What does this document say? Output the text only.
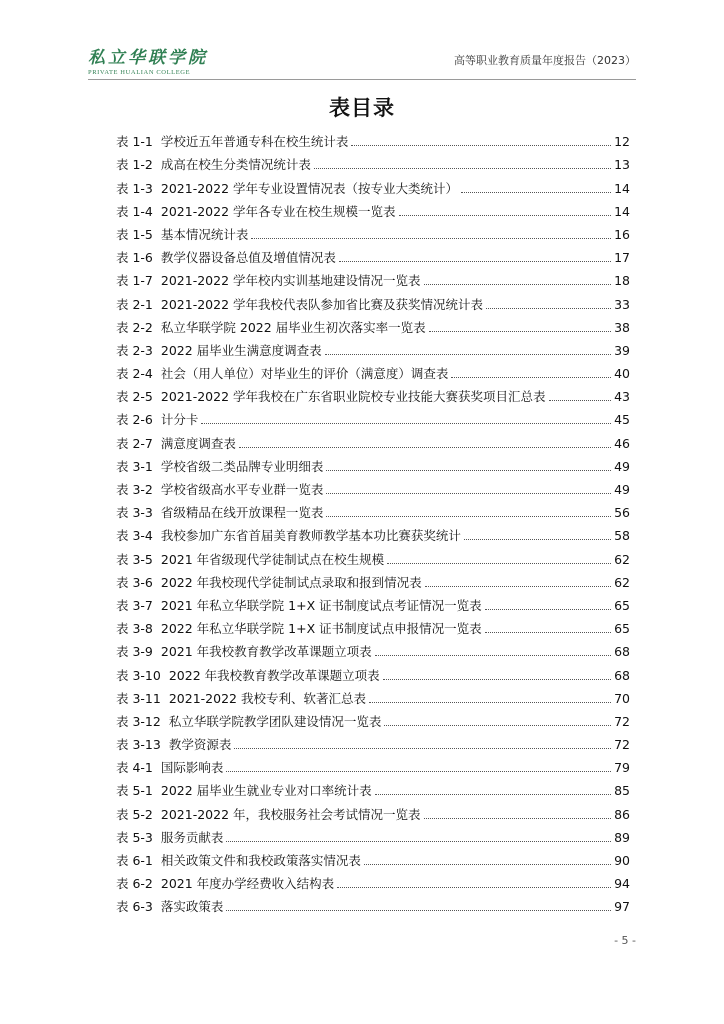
私立华联学院
PRIVATE HUALIAN COLLEGE
高等职业教育质量年度报告（2023）
表目录
表 1-1 学校近五年普通专科在校生统计表	12
表 1-2 成高在校生分类情况统计表	13
表 1-3 2021-2022 学年专业设置情况表（按专业大类统计）	14
表 1-4 2021-2022 学年各专业在校生规模一览表	14
表 1-5 基本情况统计表	16
表 1-6 教学仪器设备总值及增值情况表	17
表 1-7 2021-2022 学年校内实训基地建设情况一览表	18
表 2-1 2021-2022 学年我校代表队参加省比赛及获奖情况统计表	33
表 2-2 私立华联学院 2022 届毕业生初次落实率一览表	38
表 2-3 2022 届毕业生满意度调查表	39
表 2-4 社会（用人单位）对毕业生的评价（满意度）调查表	40
表 2-5 2021-2022 学年我校在广东省职业院校专业技能大赛获奖项目汇总表	43
表 2-6 计分卡	45
表 2-7 满意度调查表	46
表 3-1 学校省级二类品牌专业明细表	49
表 3-2 学校省级高水平专业群一览表	49
表 3-3 省级精品在线开放课程一览表	56
表 3-4 我校参加广东省首届美育教师教学基本功比赛获奖统计	58
表 3-5 2021 年省级现代学徒制试点在校生规模	62
表 3-6 2022 年我校现代学徒制试点录取和报到情况表	62
表 3-7 2021 年私立华联学院 1+X 证书制度试点考证情况一览表	65
表 3-8 2022 年私立华联学院 1+X 证书制度试点申报情况一览表	65
表 3-9 2021 年我校教育教学改革课题立项表	68
表 3-10 2022 年我校教育教学改革课题立项表	68
表 3-11 2021-2022 我校专利、软著汇总表	70
表 3-12 私立华联学院教学团队建设情况一览表	72
表 3-13 教学资源表	72
表 4-1 国际影响表	79
表 5-1 2022 届毕业生就业专业对口率统计表	85
表 5-2 2021-2022 年，我校服务社会考试情况一览表	86
表 5-3 服务贡献表	89
表 6-1 相关政策文件和我校政策落实情况表	90
表 6-2 2021 年度办学经费收入结构表	94
表 6-3 落实政策表	97
- 5 -
